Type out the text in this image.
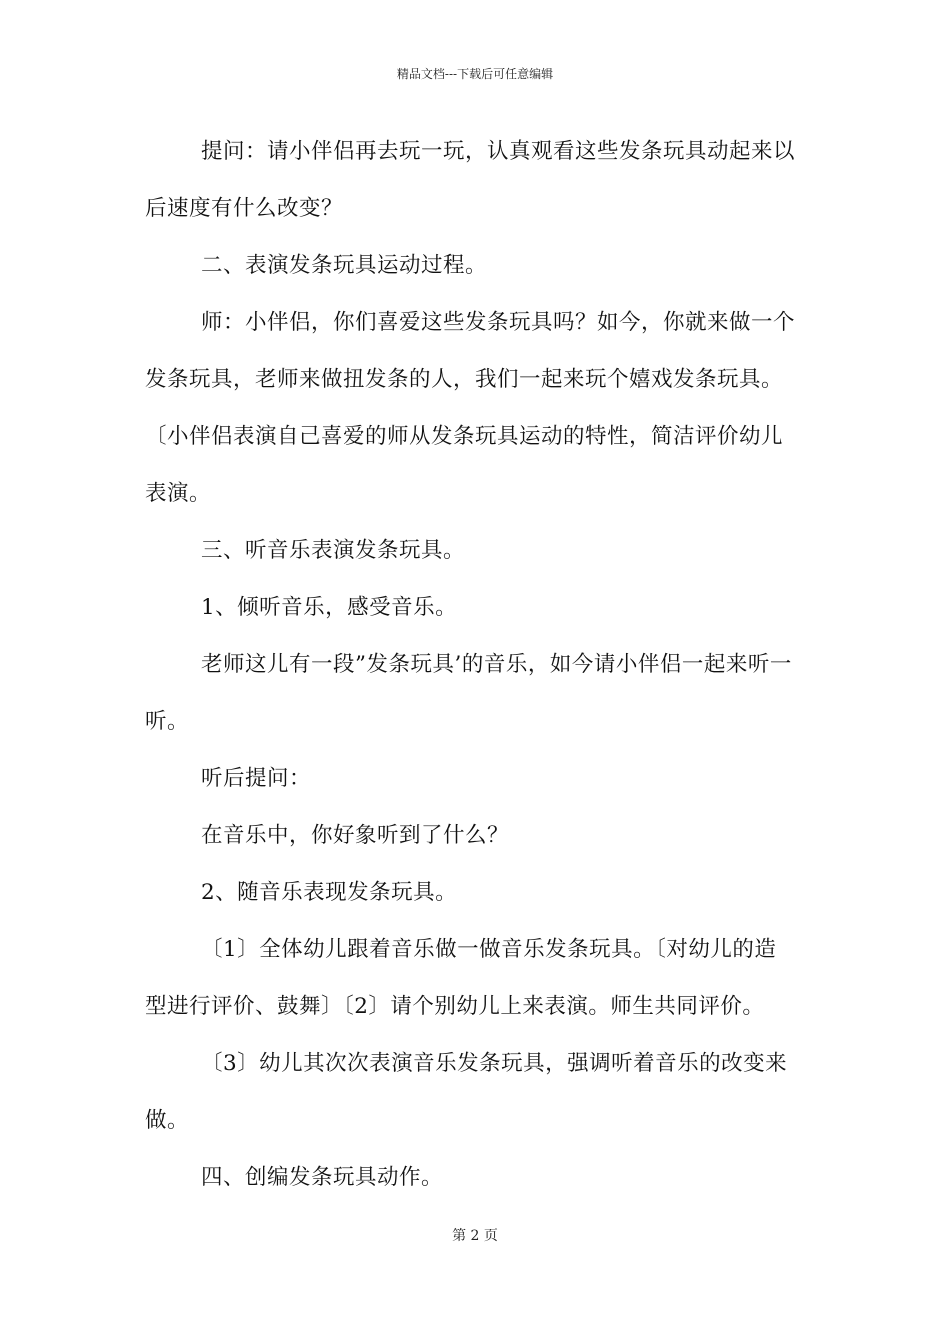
精品文档---下载后可任意编辑
提问：请小伴侣再去玩一玩，认真观看这些发条玩具动起来以
后速度有什么改变？
二、表演发条玩具运动过程。
师：小伴侣，你们喜爱这些发条玩具吗？如今，你就来做一个
发条玩具，老师来做扭发条的人，我们一起来玩个嬉戏发条玩具。
〔小伴侣表演自己喜爱的师从发条玩具运动的特性，简洁评价幼儿
表演。
三、听音乐表演发条玩具。
1、倾听音乐，感受音乐。
老师这儿有一段”发条玩具’的音乐，如今请小伴侣一起来听一
听。
听后提问：
在音乐中，你好象听到了什么？
2、随音乐表现发条玩具。
〔1〕全体幼儿跟着音乐做一做音乐发条玩具。〔对幼儿的造
型进行评价、鼓舞〕〔2〕请个别幼儿上来表演。师生共同评价。
〔3〕幼儿其次次表演音乐发条玩具，强调听着音乐的改变来
做。
四、创编发条玩具动作。
第 2 页
